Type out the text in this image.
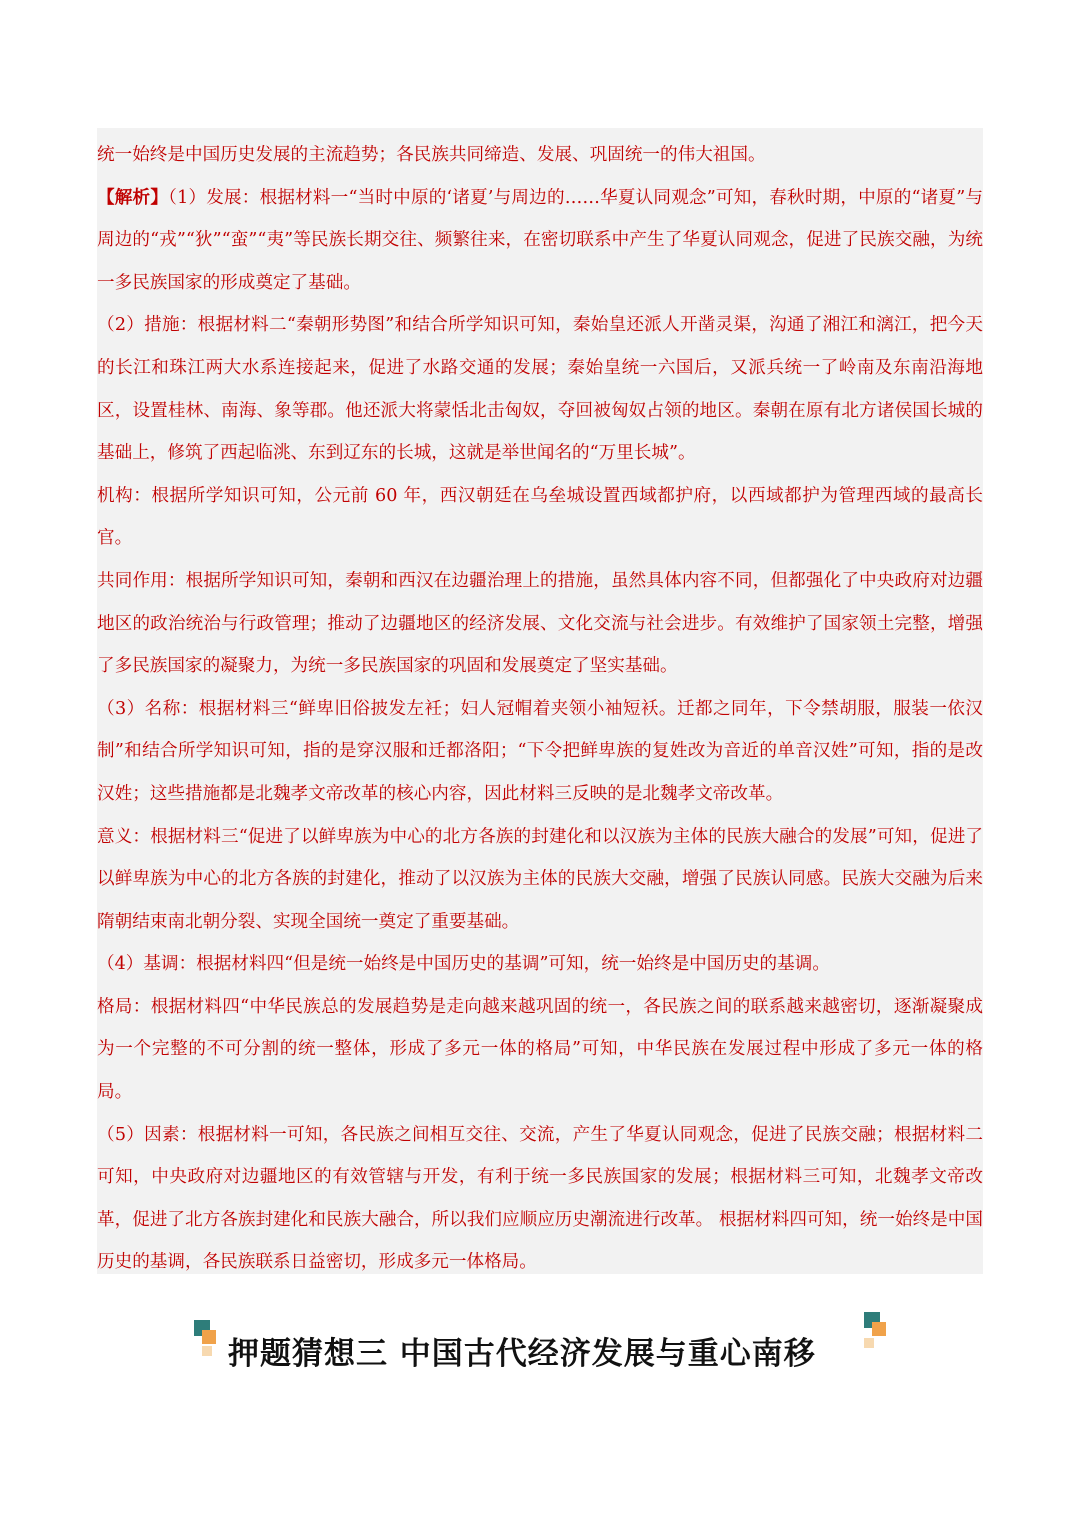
统一始终是中国历史发展的主流趋势；各民族共同缔造、发展、巩固统一的伟大祖国。

【解析】（1）发展：根据材料一“当时中原的‘诸夏’与周边的……华夏认同观念”可知，春秋时期，中原的“诸夏”与周边的“戎”“狄”“蛮”“夷”等民族长期交往、频繁往来，在密切联系中产生了华夏认同观念，促进了民族交融，为统一多民族国家的形成奠定了基础。

（2）措施：根据材料二“秦朝形势图”和结合所学知识可知，秦始皇还派人开凿灵渠，沟通了湘江和漓江，把今天的长江和珠江两大水系连接起来，促进了水路交通的发展；秦始皇统一六国后，又派兵统一了岭南及东南沿海地区，设置桂林、南海、象等郡。他还派大将蒙恬北击匈奴，夺回被匈奴占领的地区。秦朝在原有北方诸侯国长城的基础上，修筑了西起临洮、东到辽东的长城，这就是举世闻名的“万里长城”。

机构：根据所学知识可知，公元前 60 年，西汉朝廷在乌垒城设置西域都护府，以西域都护为管理西域的最高长官。

共同作用：根据所学知识可知，秦朝和西汉在边疆治理上的措施，虽然具体内容不同，但都强化了中央政府对边疆地区的政治统治与行政管理；推动了边疆地区的经济发展、文化交流与社会进步。有效维护了国家领土完整，增强了多民族国家的凝聚力，为统一多民族国家的巩固和发展奠定了坚实基础。

（3）名称：根据材料三“鲜卑旧俗披发左衽；妇人冠帽着夹领小袖短袄。迁都之同年，下令禁胡服，服装一依汉制”和结合所学知识可知，指的是穿汉服和迁都洛阳；“下令把鲜卑族的复姓改为音近的单音汉姓”可知，指的是改汉姓；这些措施都是北魏孝文帝改革的核心内容，因此材料三反映的是北魏孝文帝改革。

意义：根据材料三“促进了以鲜卑族为中心的北方各族的封建化和以汉族为主体的民族大融合的发展”可知，促进了以鲜卑族为中心的北方各族的封建化，推动了以汉族为主体的民族大交融，增强了民族认同感。民族大交融为后来隋朝结束南北朝分裂、实现全国统一奠定了重要基础。

（4）基调：根据材料四“但是统一始终是中国历史的基调”可知，统一始终是中国历史的基调。

格局：根据材料四“中华民族总的发展趋势是走向越来越巩固的统一，各民族之间的联系越来越密切，逐渐凝聚成为一个完整的不可分割的统一整体，形成了多元一体的格局”可知，中华民族在发展过程中形成了多元一体的格局。

（5）因素：根据材料一可知，各民族之间相互交往、交流，产生了华夏认同观念，促进了民族交融；根据材料二可知，中央政府对边疆地区的有效管辖与开发，有利于统一多民族国家的发展；根据材料三可知，北魏孝文帝改革，促进了北方各族封建化和民族大融合，所以我们应顺应历史潮流进行改革。 根据材料四可知，统一始终是中国历史的基调，各民族联系日益密切，形成多元一体格局。

押题猜想三 中国古代经济发展与重心南移
